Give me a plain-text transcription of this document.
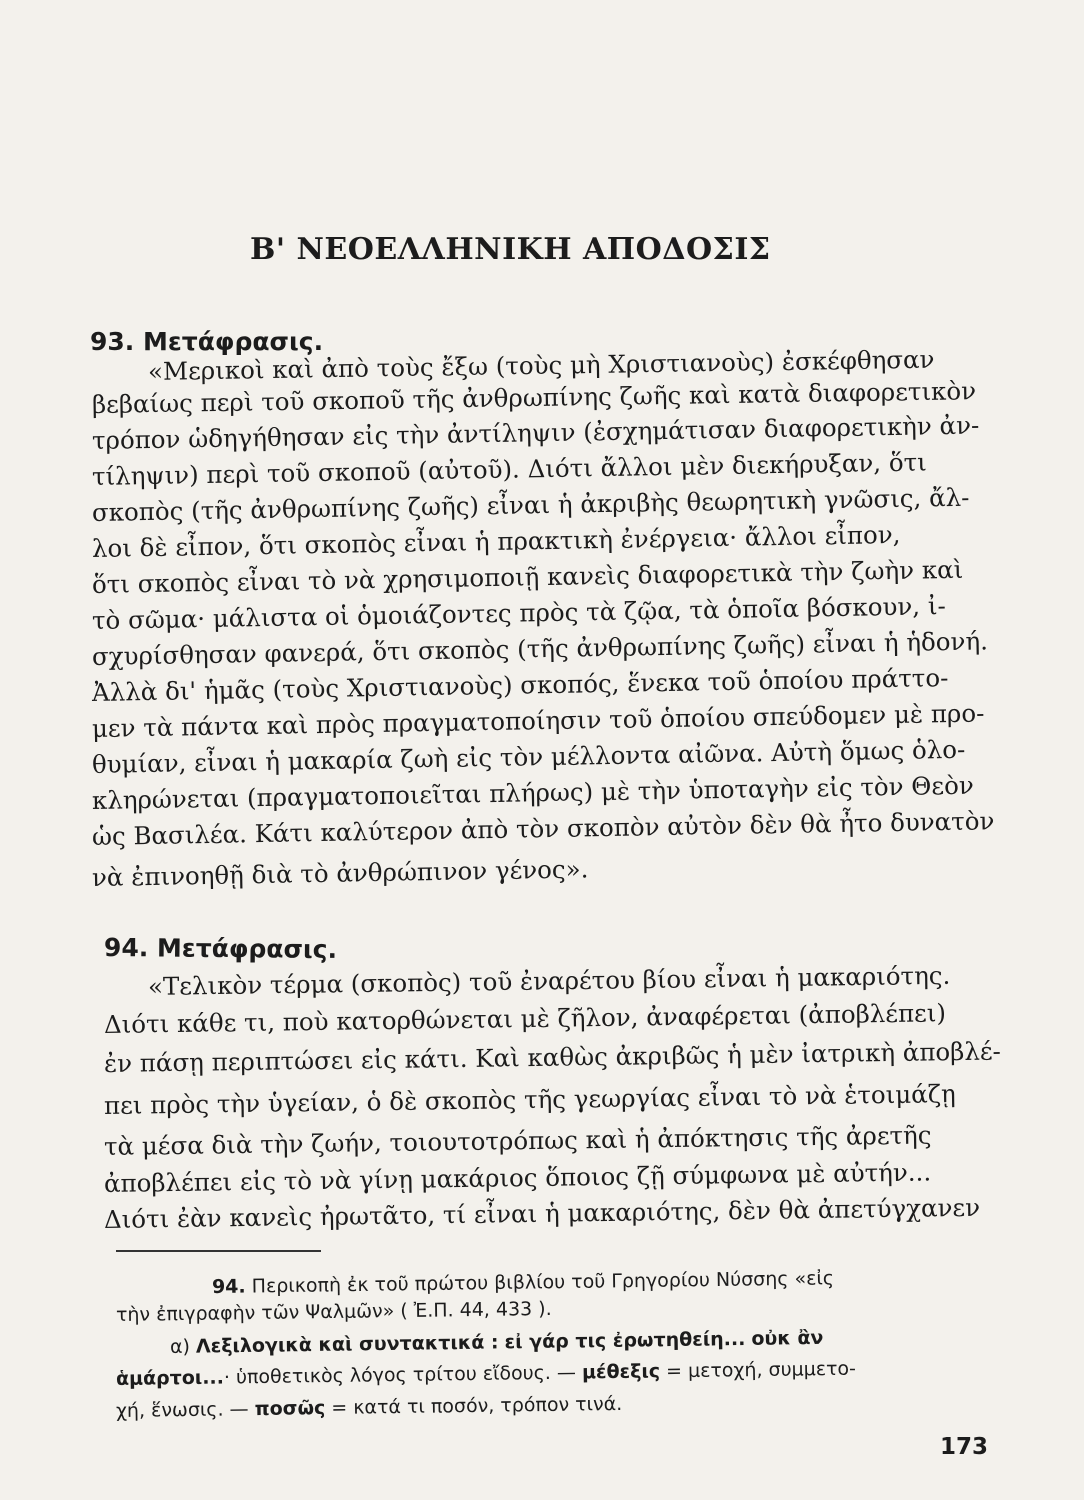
Β' ΝΕΟΕΛΛΗΝΙΚΗ ΑΠΟΔΟΣΙΣ
93. Μετάφρασις.
«Μερικοὶ καὶ ἀπὸ τοὺς ἔξω (τοὺς μὴ Χριστιανοὺς) ἐσκέφθησαν
βεβαίως περὶ τοῦ σκοποῦ τῆς ἀνθρωπίνης ζωῆς καὶ κατὰ διαφορετικὸν
τρόπον ὡδηγήθησαν εἰς τὴν ἀντίληψιν (ἐσχημάτισαν διαφορετικὴν ἀν-
τίληψιν) περὶ τοῦ σκοποῦ (αὐτοῦ). Διότι ἄλλοι μὲν διεκήρυξαν, ὅτι
σκοπὸς (τῆς ἀνθρωπίνης ζωῆς) εἶναι ἡ ἀκριβὴς θεωρητικὴ γνῶσις, ἄλ-
λοι δὲ εἶπον, ὅτι σκοπὸς εἶναι ἡ πρακτικὴ ἐνέργεια· ἄλλοι εἶπον,
ὅτι σκοπὸς εἶναι τὸ νὰ χρησιμοποιῇ κανεὶς διαφορετικὰ τὴν ζωὴν καὶ
τὸ σῶμα· μάλιστα οἱ ὁμοιάζοντες πρὸς τὰ ζῷα, τὰ ὁποῖα βόσκουν, ἰ-
σχυρίσθησαν φανερά, ὅτι σκοπὸς (τῆς ἀνθρωπίνης ζωῆς) εἶναι ἡ ἡδονή.
Ἀλλὰ δι' ἡμᾶς (τοὺς Χριστιανοὺς) σκοπός, ἕνεκα τοῦ ὁποίου πράττο-
μεν τὰ πάντα καὶ πρὸς πραγματοποίησιν τοῦ ὁποίου σπεύδομεν μὲ προ-
θυμίαν, εἶναι ἡ μακαρία ζωὴ εἰς τὸν μέλλοντα αἰῶνα. Αὐτὴ ὅμως ὁλο-
κληρώνεται (πραγματοποιεῖται πλήρως) μὲ τὴν ὑποταγὴν εἰς τὸν Θεὸν
ὡς Βασιλέα. Κάτι καλύτερον ἀπὸ τὸν σκοπὸν αὐτὸν δὲν θὰ ἦτο δυνατὸν
νὰ ἐπινοηθῇ διὰ τὸ ἀνθρώπινον γένος».
94. Μετάφρασις.
«Τελικὸν τέρμα (σκοπὸς) τοῦ ἐναρέτου βίου εἶναι ἡ μακαριότης.
Διότι κάθε τι, ποὺ κατορθώνεται μὲ ζῆλον, ἀναφέρεται (ἀποβλέπει)
ἐν πάσῃ περιπτώσει εἰς κάτι. Καὶ καθὼς ἀκριβῶς ἡ μὲν ἰατρικὴ ἀποβλέ-
πει πρὸς τὴν ὑγείαν, ὁ δὲ σκοπὸς τῆς γεωργίας εἶναι τὸ νὰ ἑτοιμάζῃ
τὰ μέσα διὰ τὴν ζωήν, τοιουτοτρόπως καὶ ἡ ἀπόκτησις τῆς ἀρετῆς
ἀποβλέπει εἰς τὸ νὰ γίνῃ μακάριος ὅποιος ζῇ σύμφωνα μὲ αὐτήν...
Διότι ἐὰν κανεὶς ἠρωτᾶτο, τί εἶναι ἡ μακαριότης, δὲν θὰ ἀπετύγχανεν
94. Περικοπὴ ἐκ τοῦ πρώτου βιβλίου τοῦ Γρηγορίου Νύσσης «εἰς
τὴν ἐπιγραφὴν τῶν Ψαλμῶν» ( Ἐ.Π. 44, 433 ).
α) Λεξιλογικὰ καὶ συντακτικά : εἰ γάρ τις ἐρωτηθείη... οὐκ ἂν
ἁμάρτοι...· ὑποθετικὸς λόγος τρίτου εἴδους. — μέθεξις = μετοχή, συμμετο-
χή, ἕνωσις. — ποσῶς = κατά τι ποσόν, τρόπον τινά.
173
